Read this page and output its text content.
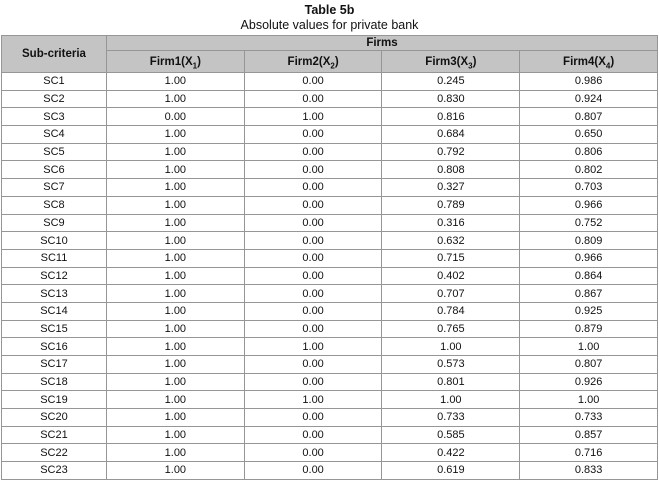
Table 5b
Absolute values for private bank
Sub-criteria	Firms			
	$Firm1(X_1)$	$Firm2(X_2)$	$Firm3(X_3)$	$Firm4(X_4)$
SC1	1.00	0.00	0.245	0.986
SC2	1.00	0.00	0.830	0.924
SC3	0.00	1.00	0.816	0.807
SC4	1.00	0.00	0.684	0.650
SC5	1.00	0.00	0.792	0.806
SC6	1.00	0.00	0.808	0.802
SC7	1.00	0.00	0.327	0.703
SC8	1.00	0.00	0.789	0.966
SC9	1.00	0.00	0.316	0.752
SC10	1.00	0.00	0.632	0.809
SC11	1.00	0.00	0.715	0.966
SC12	1.00	0.00	0.402	0.864
SC13	1.00	0.00	0.707	0.867
SC14	1.00	0.00	0.784	0.925
SC15	1.00	0.00	0.765	0.879
SC16	1.00	1.00	1.00	1.00
SC17	1.00	0.00	0.573	0.807
SC18	1.00	0.00	0.801	0.926
SC19	1.00	1.00	1.00	1.00
SC20	1.00	0.00	0.733	0.733
SC21	1.00	0.00	0.585	0.857
SC22	1.00	0.00	0.422	0.716
SC23	1.00	0.00	0.619	0.833
